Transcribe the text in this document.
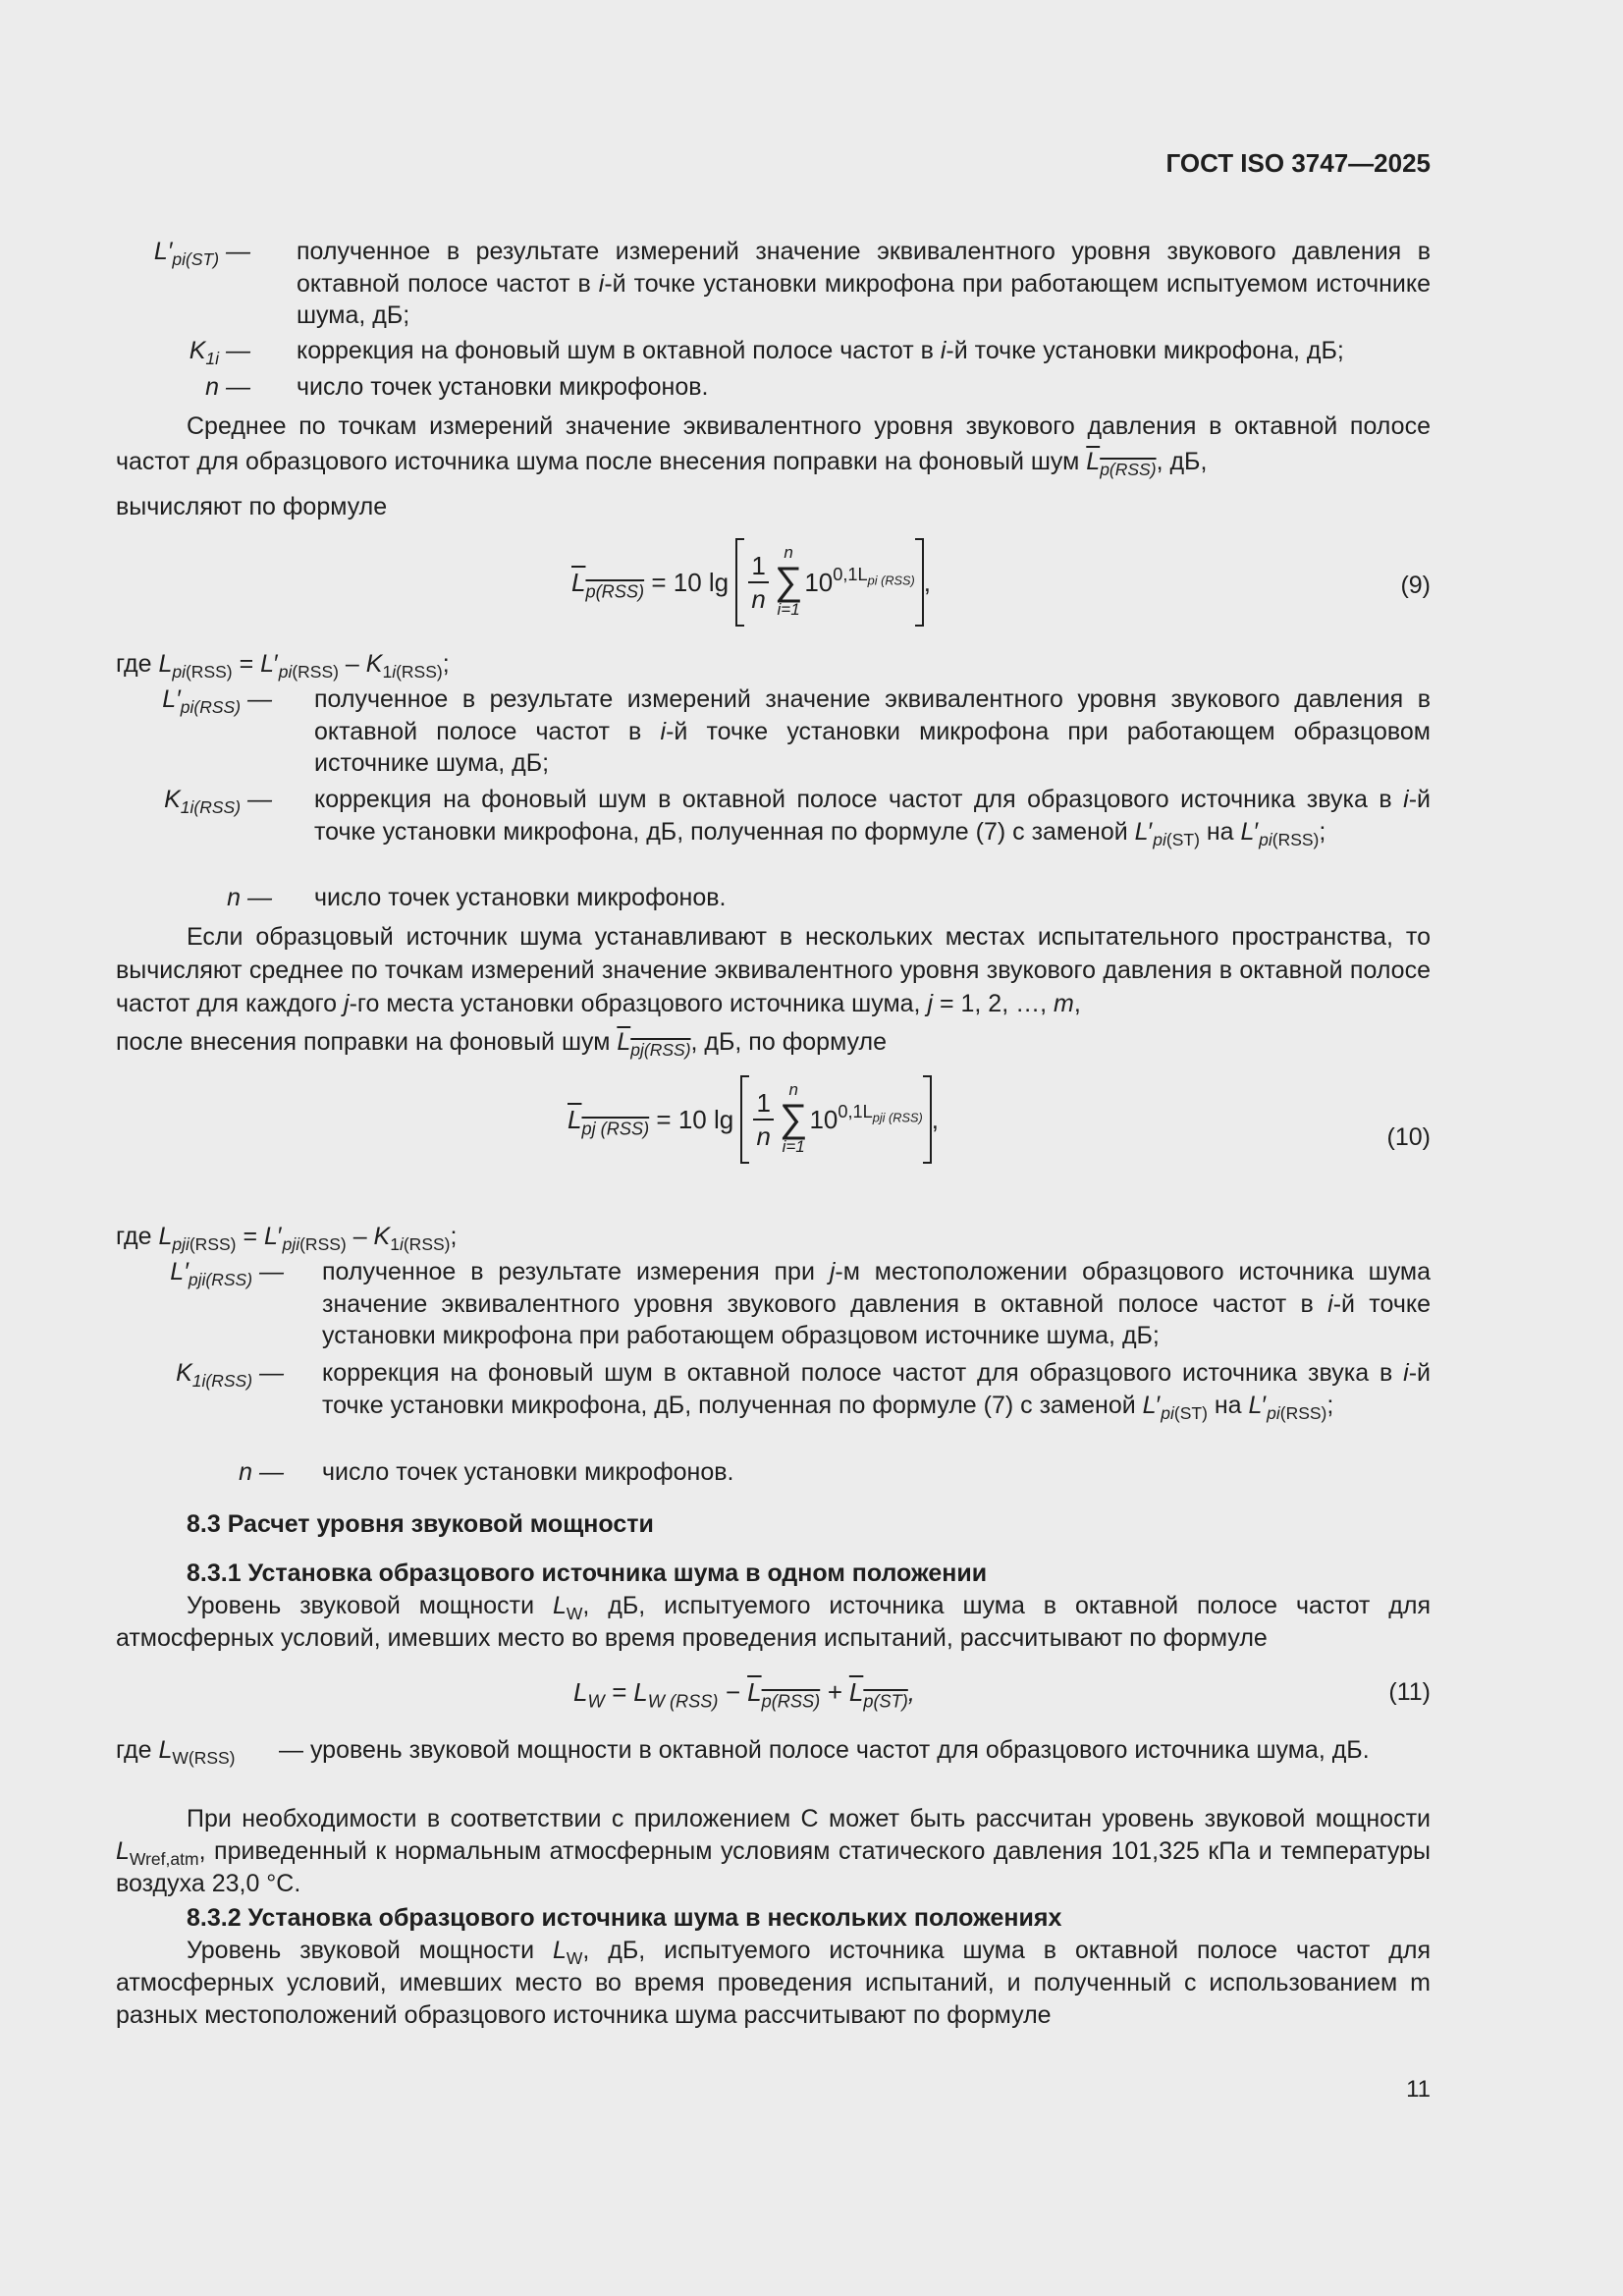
ГОСТ ISO 3747—2025
$L'_{pi(ST)}$ — полученное в результате измерений значение эквивалентного уровня звукового давления в октавной полосе частот в i-й точке установки микрофона при работающем испытуемом источнике шума, дБ;
$K_{1i}$ — коррекция на фоновый шум в октавной полосе частот в i-й точке установки микрофона, дБ;
n — число точек установки микрофонов.
Среднее по точкам измерений значение эквивалентного уровня звукового давления в октавной полосе частот для образцового источника шума после внесения поправки на фоновый шум $L_{p(RSS)}$, дБ,
вычисляют по формуле
$L_{p(RSS)} = 10$ $\lg \frac{1}{n}$ n
∑
i=1
$10^{0,1L_{pi (RSS)}}$ ,	(9)
где $L_{pi(RSS)} = L'_{pi(RSS)} - K_{1i(RSS)}$;
$L'_{pi(RSS)}$ — полученное в результате измерений значение эквивалентного уровня звукового давления в октавной полосе частот в i-й точке установки микрофона при работающем образцовом источнике шума, дБ;
$K_{1i(RSS)}$ — коррекция на фоновый шум в октавной полосе частот для образцового источника звука в i-й точке установки микрофона, дБ, полученная по формуле (7) с заменой $L'_{pi(ST)}$ на $L'_{pi(RSS)}$;
n — число точек установки микрофонов.
Если образцовый источник шума устанавливают в нескольких местах испытательного пространства, то вычисляют среднее по точкам измерений значение эквивалентного уровня звукового давления в октавной полосе частот для каждого j-го места установки образцового источника шума, j = 1, 2, …, m,
после внесения поправки на фоновый шум $L_{pj(RSS)}$, дБ, по формуле
$L_{pj (RSS)} = 10$ $\lg \frac{1}{n}$ n
∑
i=1
$10^{0,1L_{pji (RSS)}}$ ,
(10)
где $L_{pji(RSS)} = L'_{pji(RSS)} - K_{1i(RSS)}$;
$L'_{pji(RSS)}$ — полученное в результате измерения при j-м местоположении образцового источника шума значение эквивалентного уровня звукового давления в октавной полосе частот в i-й точке установки микрофона при работающем образцовом источнике шума, дБ;
$K_{1i(RSS)}$ — коррекция на фоновый шум в октавной полосе частот для образцового источника звука в i-й точке установки микрофона, дБ, полученная по формуле (7) с заменой $L'_{pi(ST)}$ на $L'_{pi(RSS)}$;
n — число точек установки микрофонов.
8.3 Расчет уровня звуковой мощности
8.3.1 Установка образцового источника шума в одном положении
Уровень звуковой мощности $L_W$, дБ, испытуемого источника шума в октавной полосе частот для атмосферных условий, имевших место во время проведения испытаний, рассчитывают по формуле
$L_W = L_{W (RSS)} - L_{p(RSS)} + L_{p(ST)}$,	(11)
где $L_{W(RSS)}$ — уровень звуковой мощности в октавной полосе частот для образцового источника шума, дБ.
При необходимости в соответствии с приложением С может быть рассчитан уровень звуковой мощности $L_{Wref,atm}$, приведенный к нормальным атмосферным условиям статического давления 101,325 кПа и температуры воздуха 23,0 °С.
8.3.2 Установка образцового источника шума в нескольких положениях
Уровень звуковой мощности $L_W$, дБ, испытуемого источника шума в октавной полосе частот для атмосферных условий, имевших место во время проведения испытаний, и полученный с использованием m разных местоположений образцового источника шума рассчитывают по формуле
11
